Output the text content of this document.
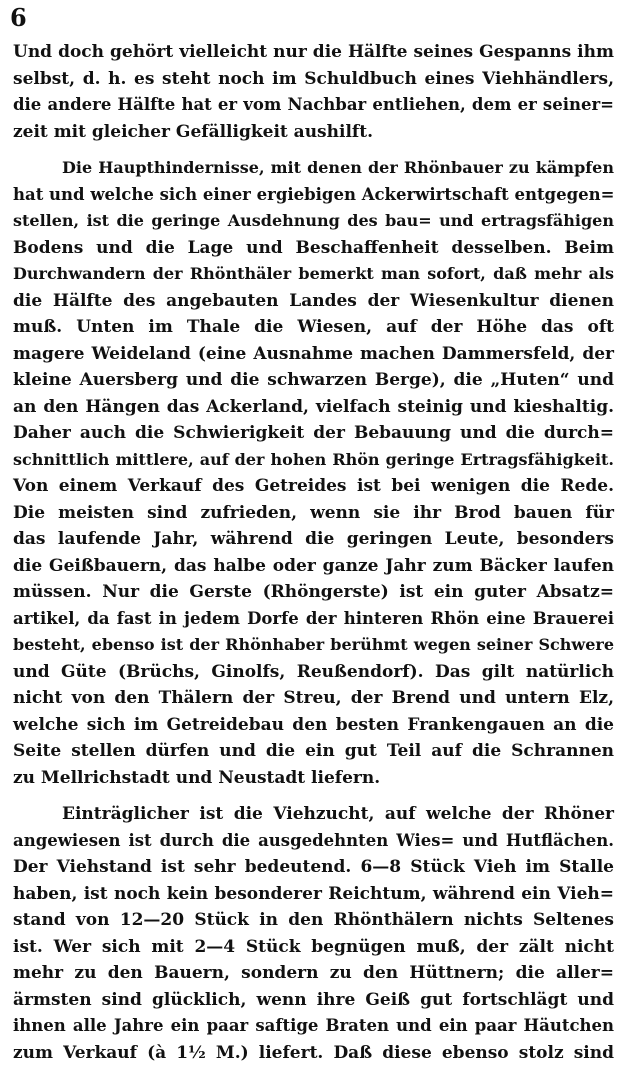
6
Und doch gehört vielleicht nur die Hälfte seines Gespanns ihm
selbst, d. h. es steht noch im Schuldbuch eines Viehhändlers,
die andere Hälfte hat er vom Nachbar entliehen, dem er seiner=
zeit mit gleicher Gefälligkeit aushilft.
Die Haupthindernisse, mit denen der Rhönbauer zu kämpfen
hat und welche sich einer ergiebigen Ackerwirtschaft entgegen=
stellen, ist die geringe Ausdehnung des bau= und ertragsfähigen
Bodens und die Lage und Beschaffenheit desselben. Beim
Durchwandern der Rhönthäler bemerkt man sofort, daß mehr als
die Hälfte des angebauten Landes der Wiesenkultur dienen
muß. Unten im Thale die Wiesen, auf der Höhe das oft
magere Weideland (eine Ausnahme machen Dammersfeld, der
kleine Auersberg und die schwarzen Berge), die „Huten“ und
an den Hängen das Ackerland, vielfach steinig und kieshaltig.
Daher auch die Schwierigkeit der Bebauung und die durch=
schnittlich mittlere, auf der hohen Rhön geringe Ertragsfähigkeit.
Von einem Verkauf des Getreides ist bei wenigen die Rede.
Die meisten sind zufrieden, wenn sie ihr Brod bauen für
das laufende Jahr, während die geringen Leute, besonders
die Geißbauern, das halbe oder ganze Jahr zum Bäcker laufen
müssen. Nur die Gerste (Rhöngerste) ist ein guter Absatz=
artikel, da fast in jedem Dorfe der hinteren Rhön eine Brauerei
besteht, ebenso ist der Rhönhaber berühmt wegen seiner Schwere
und Güte (Brüchs, Ginolfs, Reußendorf). Das gilt natürlich
nicht von den Thälern der Streu, der Brend und untern Elz,
welche sich im Getreidebau den besten Frankengauen an die
Seite stellen dürfen und die ein gut Teil auf die Schrannen
zu Mellrichstadt und Neustadt liefern.
Einträglicher ist die Viehzucht, auf welche der Rhöner
angewiesen ist durch die ausgedehnten Wies= und Hutflächen.
Der Viehstand ist sehr bedeutend. 6—8 Stück Vieh im Stalle
haben, ist noch kein besonderer Reichtum, während ein Vieh=
stand von 12—20 Stück in den Rhönthälern nichts Seltenes
ist. Wer sich mit 2—4 Stück begnügen muß, der zält nicht
mehr zu den Bauern, sondern zu den Hüttnern; die aller=
ärmsten sind glücklich, wenn ihre Geiß gut fortschlägt und
ihnen alle Jahre ein paar saftige Braten und ein paar Häutchen
zum Verkauf (à 1½ M.) liefert. Daß diese ebenso stolz sind
